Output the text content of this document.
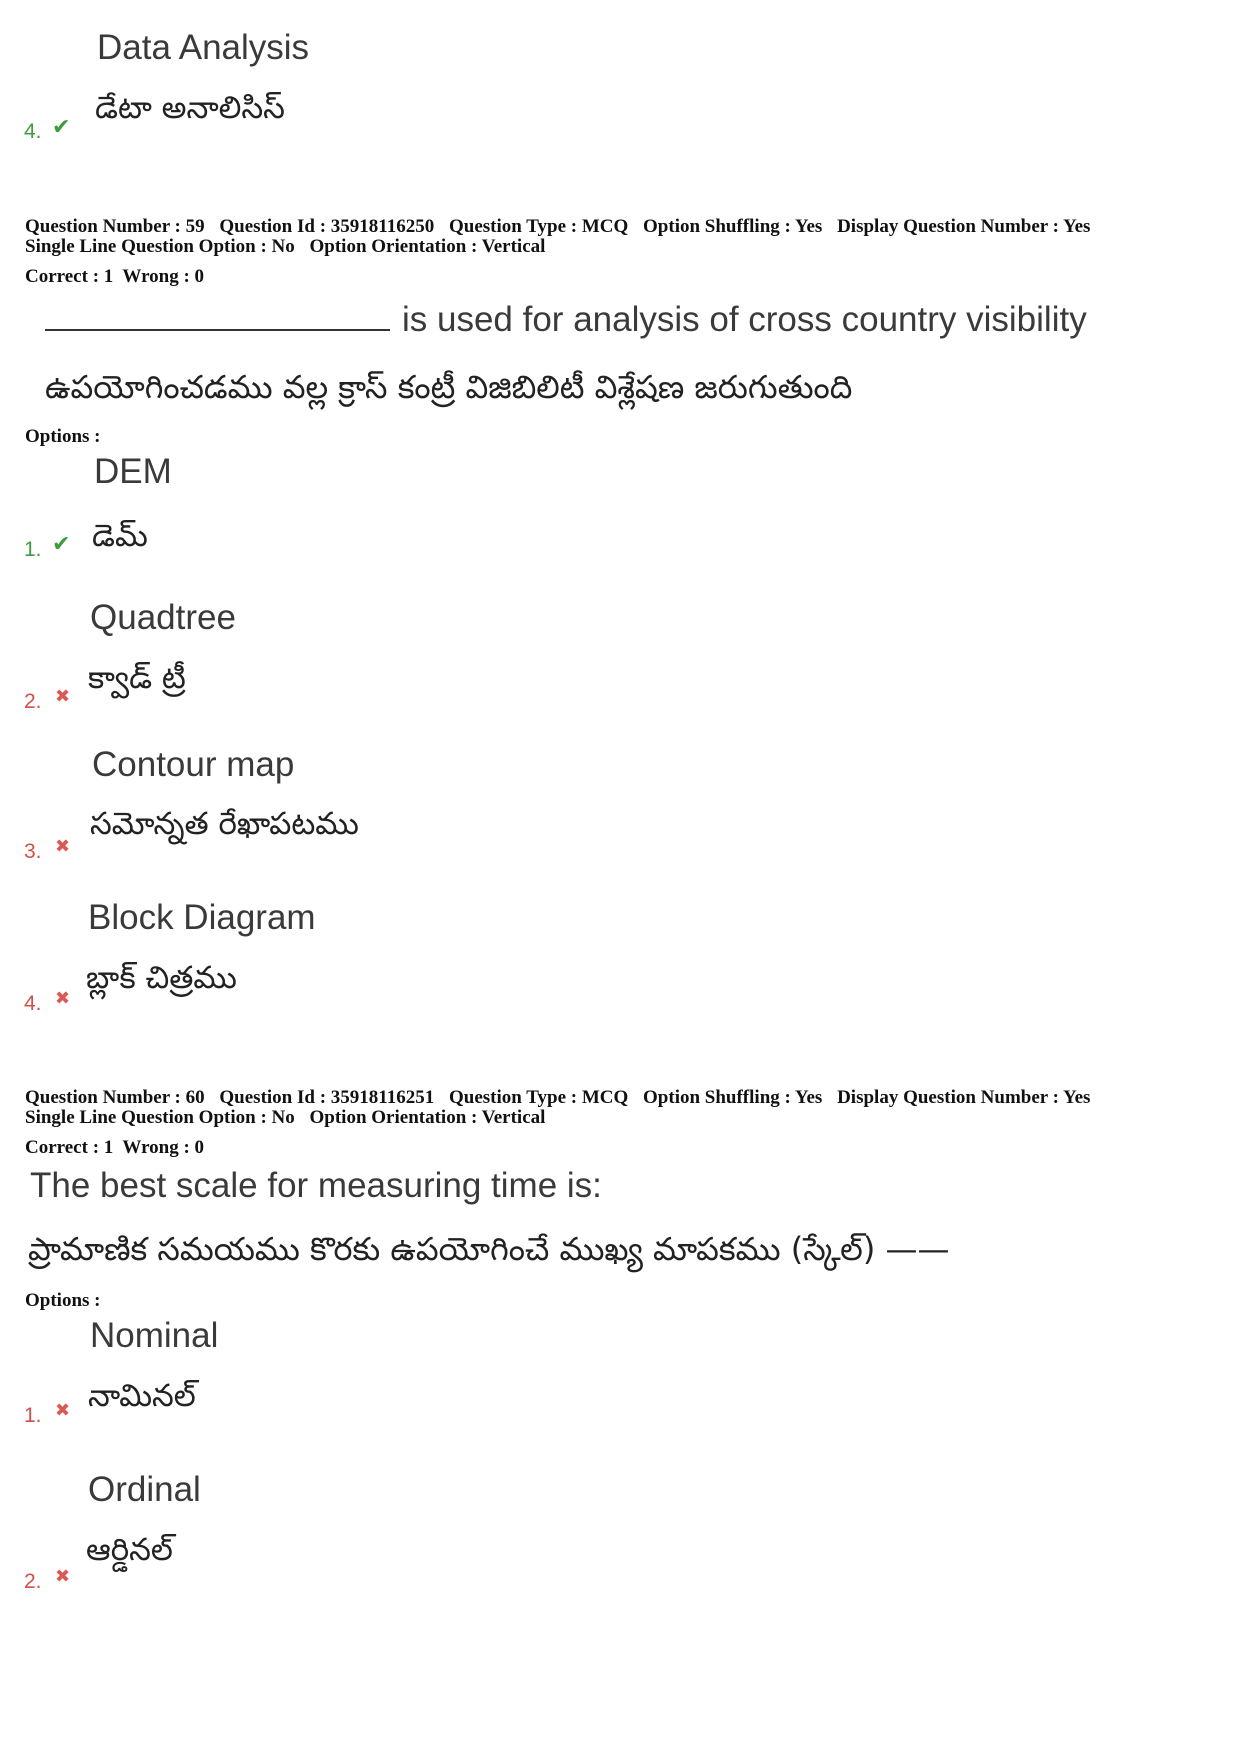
Data Analysis
డేటా అనాలిసిస్
4. ✔
Question Number : 59 Question Id : 35918116250 Question Type : MCQ Option Shuffling : Yes Display Question Number : Yes
Single Line Question Option : No Option Orientation : Vertical
Correct : 1  Wrong : 0
is used for analysis of cross country visibility
ఉపయోగించడము వల్ల క్రాస్ కంట్రీ విజిబిలిటీ విశ్లేషణ జరుగుతుంది
Options :
DEM
డెమ్
1. ✔
Quadtree
క్వాడ్ ట్రీ
2. ✖
Contour map
సమోన్నత రేఖాపటము
3. ✖
Block Diagram
బ్లాక్ చిత్రము
4. ✖
Question Number : 60 Question Id : 35918116251 Question Type : MCQ Option Shuffling : Yes Display Question Number : Yes
Single Line Question Option : No Option Orientation : Vertical
Correct : 1  Wrong : 0
The best scale for measuring time is:
ప్రామాణిక సమయము కొరకు ఉపయోగించే ముఖ్య మాపకము (స్కేల్) ——
Options :
Nominal
నామినల్
1. ✖
Ordinal
ఆర్డినల్
2. ✖
